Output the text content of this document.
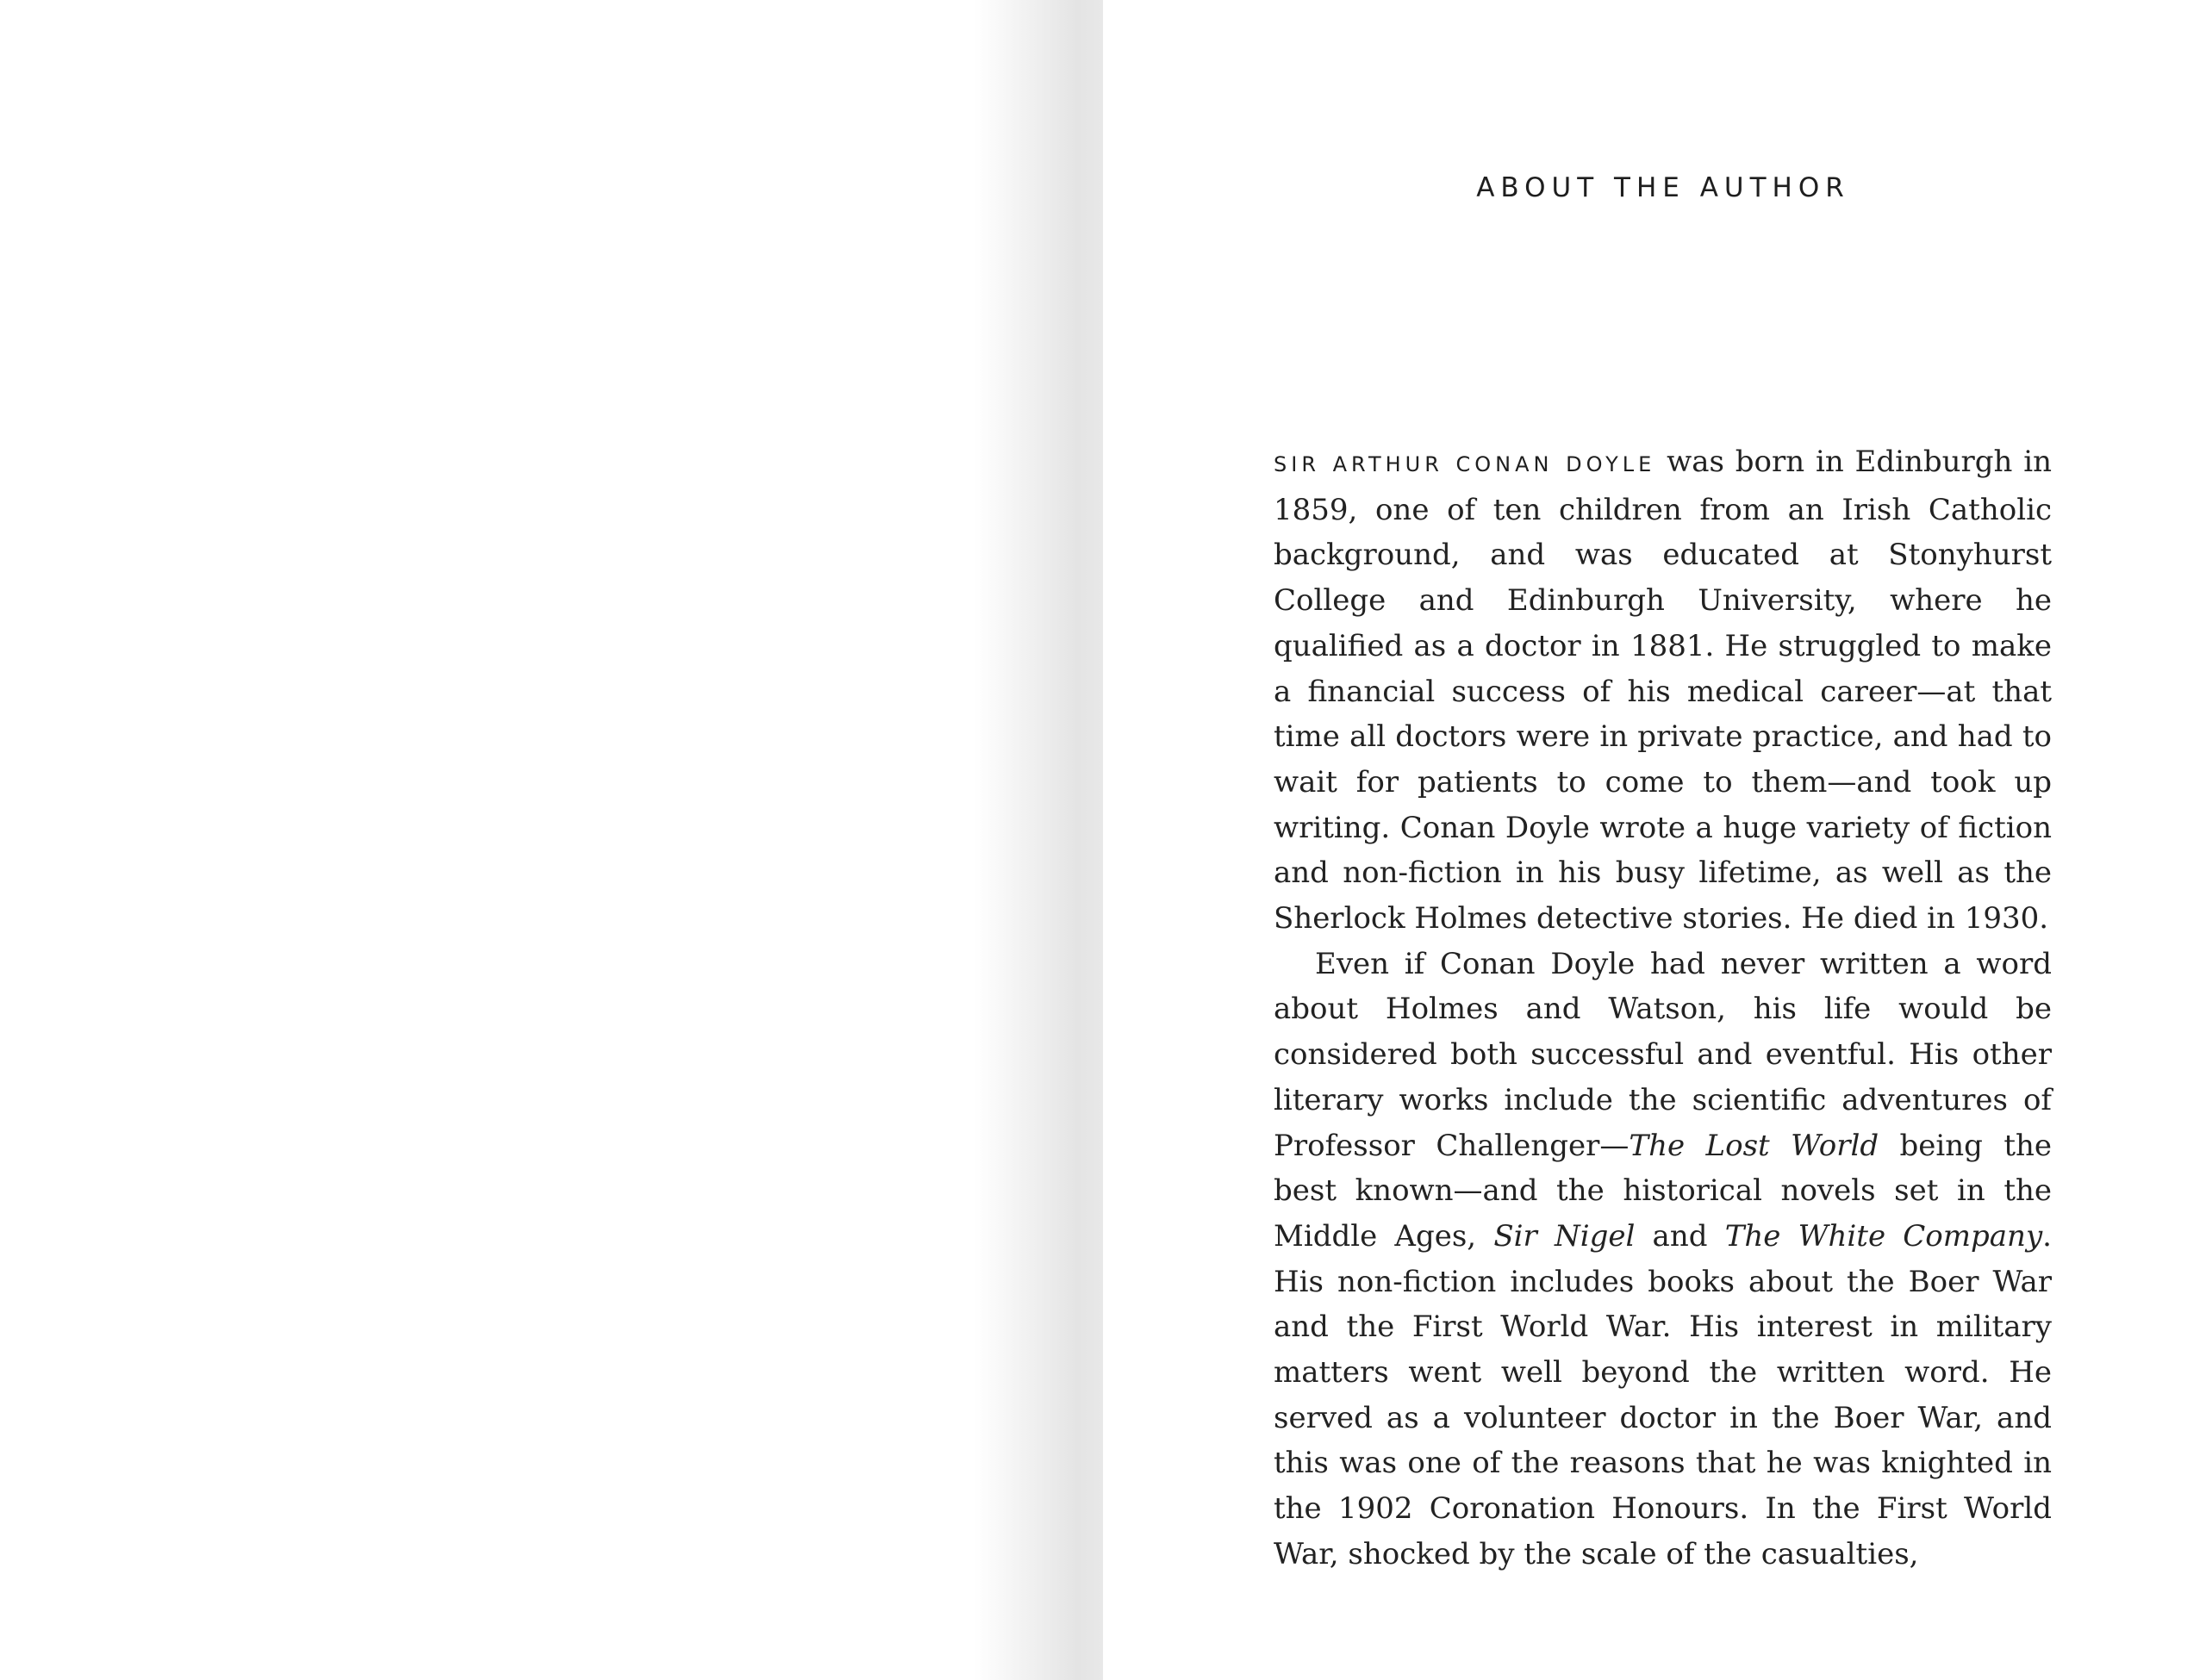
ABOUT THE AUTHOR

SIR ARTHUR CONAN DOYLE was born in Edinburgh in 1859, one of ten children from an Irish Catholic background, and was educated at Stonyhurst College and Edinburgh University, where he qualified as a doctor in 1881. He struggled to make a financial success of his medical career—at that time all doctors were in private practice, and had to wait for patients to come to them—and took up writing. Conan Doyle wrote a huge variety of fiction and non-fiction in his busy lifetime, as well as the Sherlock Holmes detective stories. He died in 1930.

Even if Conan Doyle had never written a word about Holmes and Watson, his life would be considered both successful and eventful. His other literary works include the scientific adventures of Professor Challenger—The Lost World being the best known—and the historical novels set in the Middle Ages, Sir Nigel and The White Company. His non-fiction includes books about the Boer War and the First World War. His interest in military matters went well beyond the written word. He served as a volunteer doctor in the Boer War, and this was one of the reasons that he was knighted in the 1902 Coronation Honours. In the First World War, shocked by the scale of the casualties,
